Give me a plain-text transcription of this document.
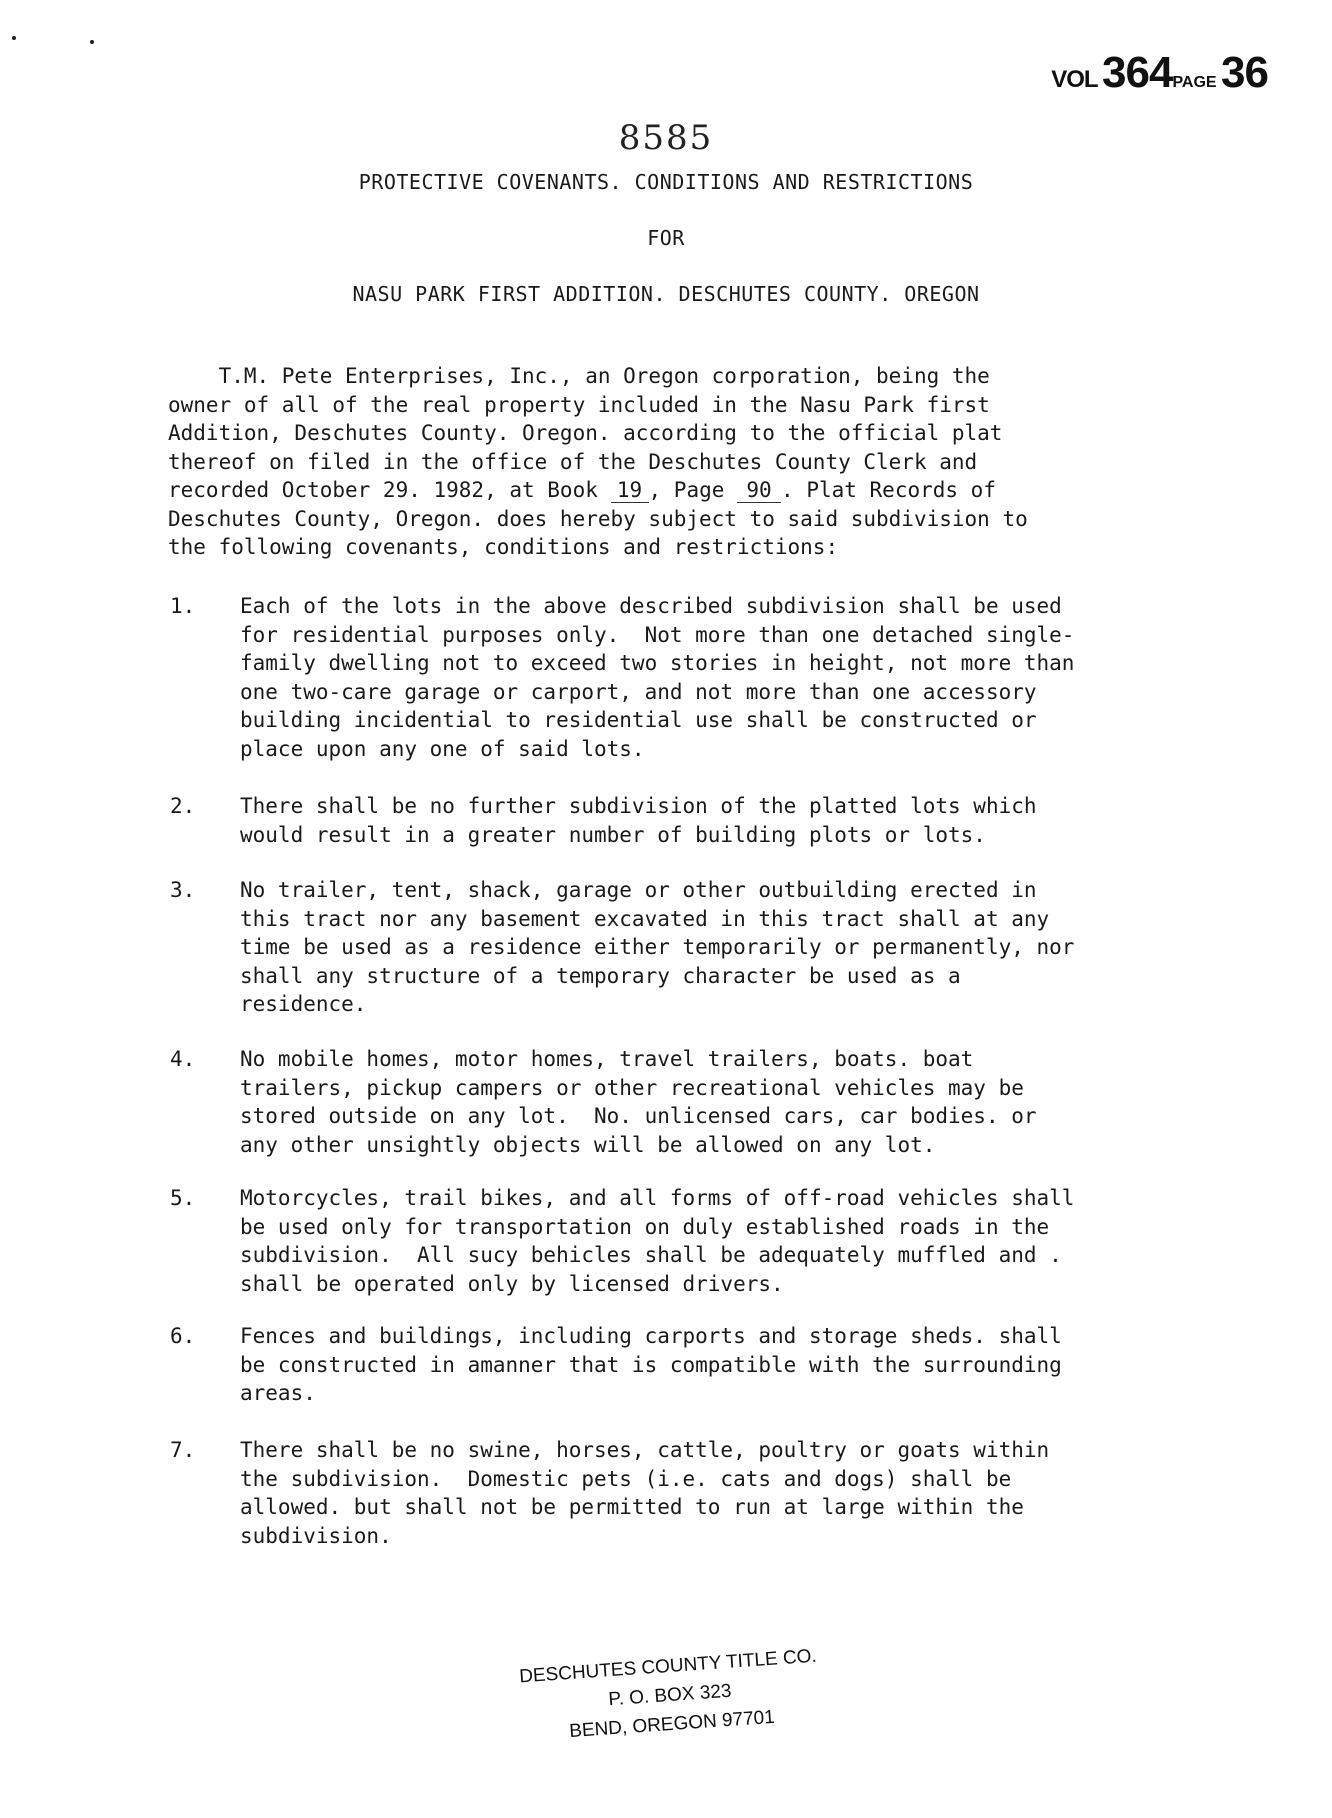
VOL 364PAGE 36
8585
PROTECTIVE COVENANTS. CONDITIONS AND RESTRICTIONS
FOR
NASU PARK FIRST ADDITION. DESCHUTES COUNTY. OREGON
T.M. Pete Enterprises, Inc., an Oregon corporation, being the
owner of all of the real property included in the Nasu Park first
Addition, Deschutes County. Oregon. according to the official plat
thereof on filed in the office of the Deschutes County Clerk and
recorded October 29. 1982, at Book 19 , Page 90 . Plat Records of
Deschutes County, Oregon. does hereby subject to said subdivision to
the following covenants, conditions and restrictions:
1. Each of the lots in the above described subdivision shall be used
for residential purposes only.  Not more than one detached single-
family dwelling not to exceed two stories in height, not more than
one two-care garage or carport, and not more than one accessory
building incidential to residential use shall be constructed or
place upon any one of said lots.
2. There shall be no further subdivision of the platted lots which
would result in a greater number of building plots or lots.
3. No trailer, tent, shack, garage or other outbuilding erected in
this tract nor any basement excavated in this tract shall at any
time be used as a residence either temporarily or permanently, nor
shall any structure of a temporary character be used as a
residence.
4. No mobile homes, motor homes, travel trailers, boats. boat
trailers, pickup campers or other recreational vehicles may be
stored outside on any lot.  No. unlicensed cars, car bodies. or
any other unsightly objects will be allowed on any lot.
5. Motorcycles, trail bikes, and all forms of off-road vehicles shall
be used only for transportation on duly established roads in the
subdivision.  All sucy behicles shall be adequately muffled and .
shall be operated only by licensed drivers.
6. Fences and buildings, including carports and storage sheds. shall
be constructed in amanner that is compatible with the surrounding
areas.
7. There shall be no swine, horses, cattle, poultry or goats within
the subdivision.  Domestic pets (i.e. cats and dogs) shall be
allowed. but shall not be permitted to run at large within the
subdivision.
DESCHUTES COUNTY TITLE CO.
P. O. BOX 323
BEND, OREGON 97701
